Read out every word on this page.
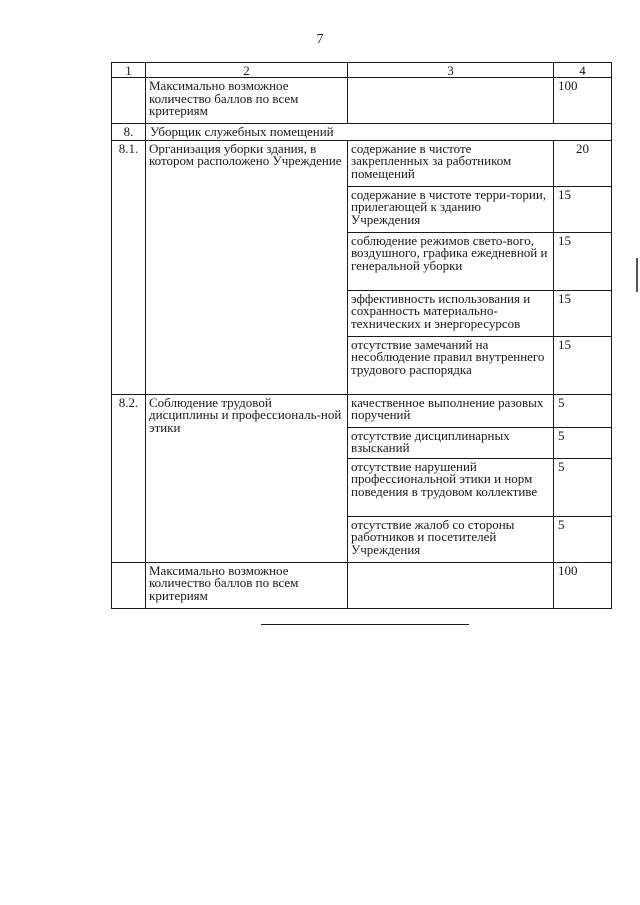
7
1	2	3	4
	Максимально возможное количество баллов по всем критериям		100
8.	Уборщик служебных помещений		
8.1.	Организация уборки здания, в котором расположено Учреждение	содержание в чистоте закрепленных за работником помещений	20
		содержание в чистоте терри-тории, прилегающей к зданию Учреждения	15
		соблюдение режимов свето-вого, воздушного, графика ежедневной и генеральной уборки	15
		эффективность использования и сохранность материально-технических и энергоресурсов	15
		отсутствие замечаний на несоблюдение правил внутреннего трудового распорядка	15
8.2.	Соблюдение трудовой дисциплины и профессиональ-ной этики	качественное выполнение разовых поручений	5
		отсутствие дисциплинарных взысканий	5
		отсутствие нарушений профессиональной этики и норм поведения в трудовом коллективе	5
		отсутствие жалоб со стороны работников и посетителей Учреждения	5
	Максимально возможное количество баллов по всем критериям		100
